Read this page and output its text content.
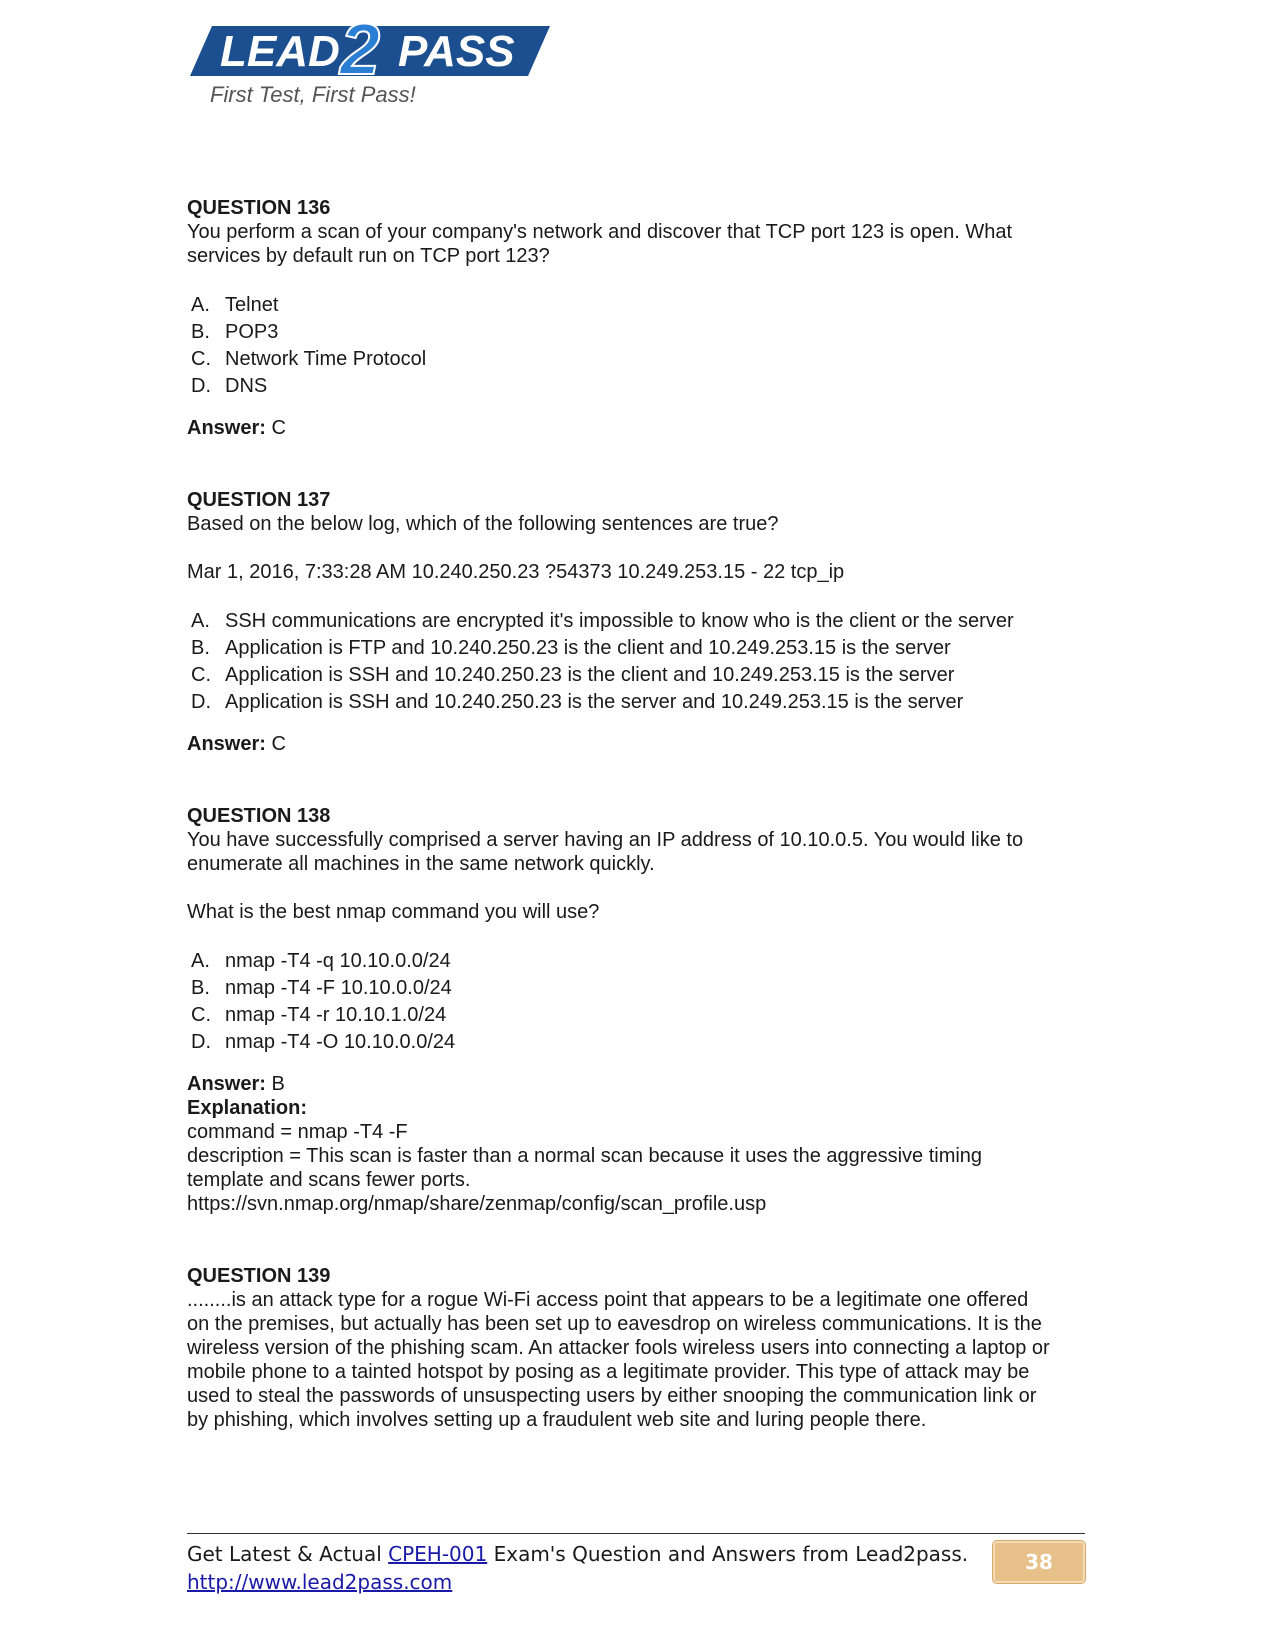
LEAD 2 PASS
First Test, First Pass!
QUESTION 136
You perform a scan of your company's network and discover that TCP port 123 is open. What
services by default run on TCP port 123?
A. Telnet
B. POP3
C. Network Time Protocol
D. DNS
Answer: C
QUESTION 137
Based on the below log, which of the following sentences are true?
Mar 1, 2016, 7:33:28 AM 10.240.250.23 ?54373 10.249.253.15 - 22 tcp_ip
A. SSH communications are encrypted it's impossible to know who is the client or the server
B. Application is FTP and 10.240.250.23 is the client and 10.249.253.15 is the server
C. Application is SSH and 10.240.250.23 is the client and 10.249.253.15 is the server
D. Application is SSH and 10.240.250.23 is the server and 10.249.253.15 is the server
Answer: C
QUESTION 138
You have successfully comprised a server having an IP address of 10.10.0.5. You would like to
enumerate all machines in the same network quickly.
What is the best nmap command you will use?
A. nmap -T4 -q 10.10.0.0/24
B. nmap -T4 -F 10.10.0.0/24
C. nmap -T4 -r 10.10.1.0/24
D. nmap -T4 -O 10.10.0.0/24
Answer: B
Explanation:
command = nmap -T4 -F
description = This scan is faster than a normal scan because it uses the aggressive timing
template and scans fewer ports.
https://svn.nmap.org/nmap/share/zenmap/config/scan_profile.usp
QUESTION 139
........is an attack type for a rogue Wi-Fi access point that appears to be a legitimate one offered
on the premises, but actually has been set up to eavesdrop on wireless communications. It is the
wireless version of the phishing scam. An attacker fools wireless users into connecting a laptop or
mobile phone to a tainted hotspot by posing as a legitimate provider. This type of attack may be
used to steal the passwords of unsuspecting users by either snooping the communication link or
by phishing, which involves setting up a fraudulent web site and luring people there.
Get Latest & Actual CPEH-001 Exam's Question and Answers from Lead2pass.
http://www.lead2pass.com
38
